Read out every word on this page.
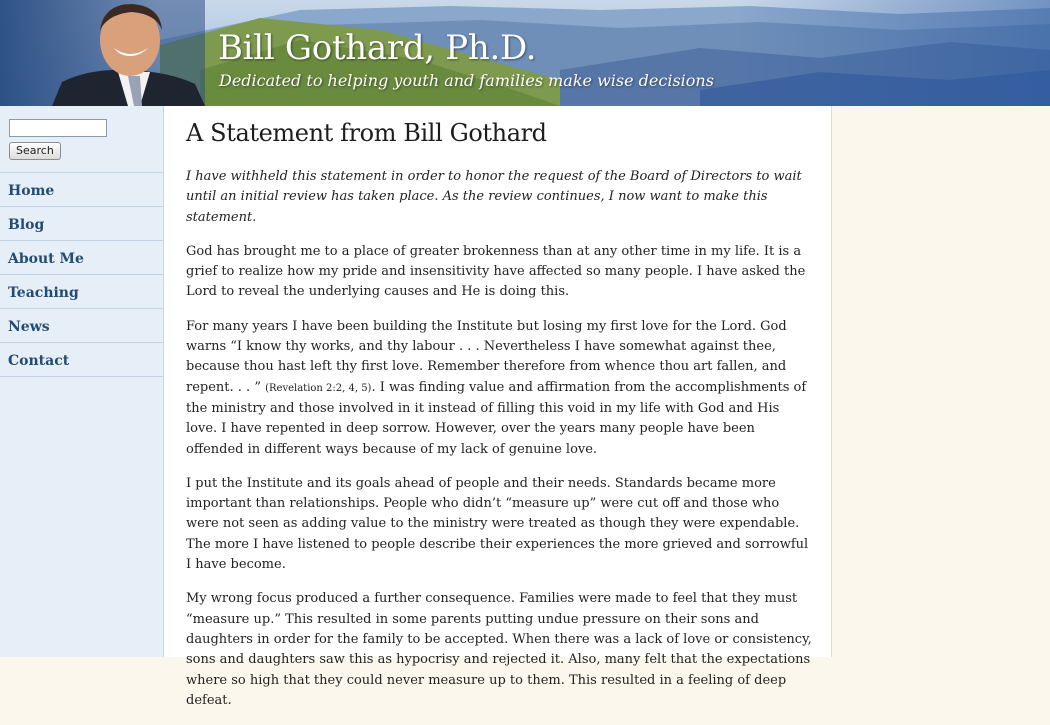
Bill Gothard, Ph.D.
Dedicated to helping youth and families make wise decisions
Search
Home
Blog
About Me
Teaching
News
Contact
A Statement from Bill Gothard

I have withheld this statement in order to honor the request of the Board of Directors to wait until an initial review has taken place. As the review continues, I now want to make this statement.

God has brought me to a place of greater brokenness than at any other time in my life. It is a grief to realize how my pride and insensitivity have affected so many people. I have asked the Lord to reveal the underlying causes and He is doing this.

For many years I have been building the Institute but losing my first love for the Lord. God warns “I know thy works, and thy labour . . . Nevertheless I have somewhat against thee, because thou hast left thy first love. Remember therefore from whence thou art fallen, and repent. . . ” (Revelation 2:2, 4, 5). I was finding value and affirmation from the accomplishments of the ministry and those involved in it instead of filling this void in my life with God and His love. I have repented in deep sorrow. However, over the years many people have been offended in different ways because of my lack of genuine love.

I put the Institute and its goals ahead of people and their needs. Standards became more important than relationships. People who didn’t “measure up” were cut off and those who were not seen as adding value to the ministry were treated as though they were expendable. The more I have listened to people describe their experiences the more grieved and sorrowful I have become.

My wrong focus produced a further consequence. Families were made to feel that they must “measure up.” This resulted in some parents putting undue pressure on their sons and daughters in order for the family to be accepted. When there was a lack of love or consistency, sons and daughters saw this as hypocrisy and rejected it. Also, many felt that the expectations where so high that they could never measure up to them. This resulted in a feeling of deep defeat.
